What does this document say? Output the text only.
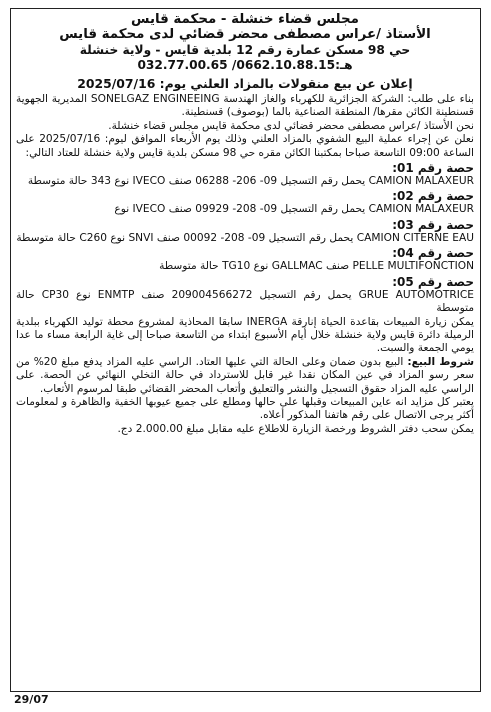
مجلس قضاء خنشلة - محكمة قايس

الأستاذ /عراس مصطفى محضر قضائي لدى محكمة قايس

حي 98 مسكن عمارة رقم 12 بلدية قايس - ولاية خنشلة

هـ:0662.10.88.15/ 032.77.00.65

إعلان عن بيع منقولات بالمزاد العلني يوم: 2025/07/16

بناء على طلب: الشركة الجزائرية للكهرباء والغاز الهندسة SONELGAZ ENGINEEING المديرية الجهوية قسنطينة الكائن مقرها/ المنطقة الصناعية بالما (بوصوف) قسنطينة.

نحن الأستاذ /عراس مصطفى محضر قضائي لدى محكمة قايس مجلس قضاء خنشلة.

نعلن عن إجراء عملية البيع الشفوي بالمزاد العلني وذلك يوم الأربعاء الموافق ليوم: 2025/07/16 على الساعة 09:00 التاسعة صباحا بمكتبنا الكائن مقره حي 98 مسكن بلدية قايس ولاية خنشلة للعتاد التالي:

حصة رقم 01:
CAMION MALAXEUR يحمل رقم التسجيل 09- 206- 06288 صنف IVECO نوع 343 حالة متوسطة
حصة رقم 02:
CAMION MALAXEUR يحمل رقم التسجيل 09- 208- 09929 صنف IVECO نوع
حصة رقم 03:
CAMION CITERNE EAU يحمل رقم التسجيل 09- 208- 00092 صنف SNVI نوع C260 حالة متوسطة
حصة رقم 04:
PELLE MULTIFONCTION صنف GALLMAC نوع TG10 حالة متوسطة
حصة رقم 05:
GRUE AUTOMOTRICE يحمل رقم التسجيل 209004566272 صنف ENMTP نوع CP30 حالة متوسطة

يمكن زيارة المبيعات بقاعدة الحياة إنارقة INERGA سابقا المحاذية لمشروع محطة توليد الكهرباء ببلدية الرميلة دائرة قايس ولاية خنشلة خلال أيام الأسبوع ابتداء من التاسعة صباحا إلى غاية الرابعة مساء ما عدا يومي الجمعة والسبت.

شروط البيع: البيع بدون ضمان وعلى الحالة التي عليها العتاد. الراسي عليه المزاد يدفع مبلغ 20% من سعر رسو المزاد في عين المكان نقدا غير قابل للاسترداد في حالة التخلي النهائي عن الحصة. على الراسي عليه المزاد حقوق التسجيل والنشر والتعليق وأتعاب المحضر القضائي طبقا لمرسوم الأتعاب.

يعتبر كل مزايد انه عاين المبيعات وقبلها على حالها ومطلع على جميع عيوبها الخفية والظاهرة و لمعلومات أكثر يرجى الاتصال على رقم هاتفنا المذكور أعلاه.

يمكن سحب دفتر الشروط ورخصة الزيارة للاطلاع عليه مقابل مبلغ 2.000.00 دج.

29/07
